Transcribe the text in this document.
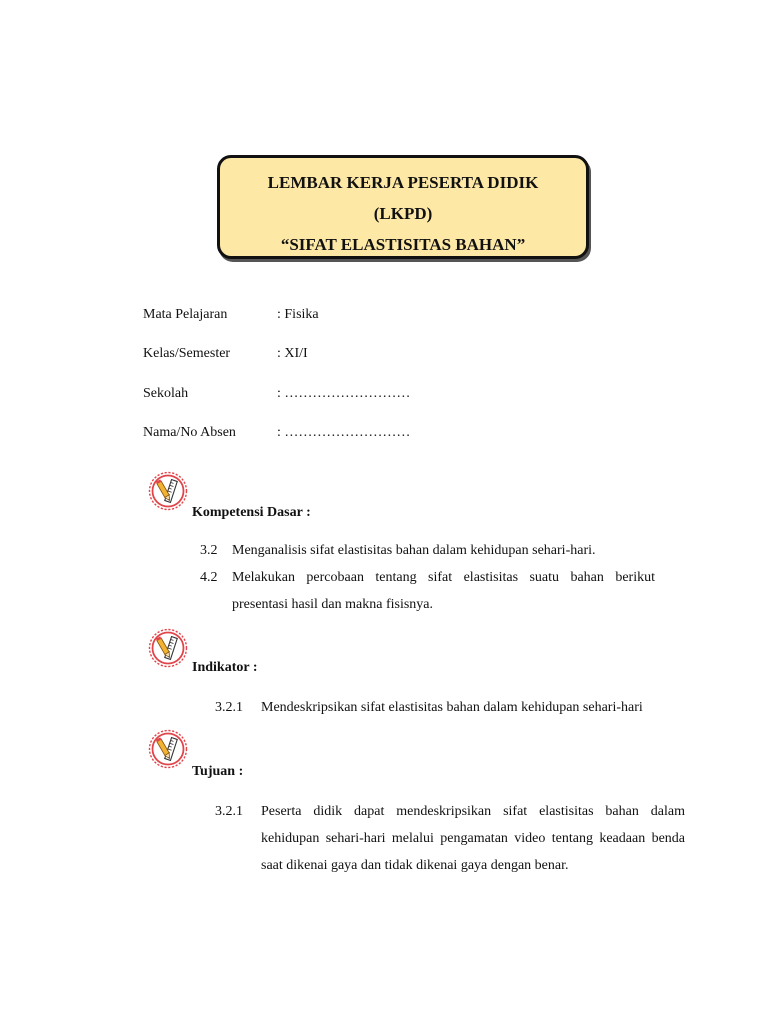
LEMBAR KERJA PESERTA DIDIK
(LKPD)
“SIFAT ELASTISITAS BAHAN”
Mata Pelajaran	: Fisika
Kelas/Semester	: XI/I
Sekolah	: ………………………
Nama/No Absen	: ………………………
Kompetensi Dasar :
3.2 Menganalisis sifat elastisitas bahan dalam kehidupan sehari-hari.
4.2 Melakukan percobaan tentang sifat elastisitas suatu bahan berikut presentasi hasil dan makna fisisnya.
Indikator :
3.2.1 Mendeskripsikan sifat elastisitas bahan dalam kehidupan sehari-hari
Tujuan :
3.2.1 Peserta didik dapat mendeskripsikan sifat elastisitas bahan dalam kehidupan sehari-hari melalui pengamatan video tentang keadaan benda saat dikenai gaya dan tidak dikenai gaya dengan benar.
